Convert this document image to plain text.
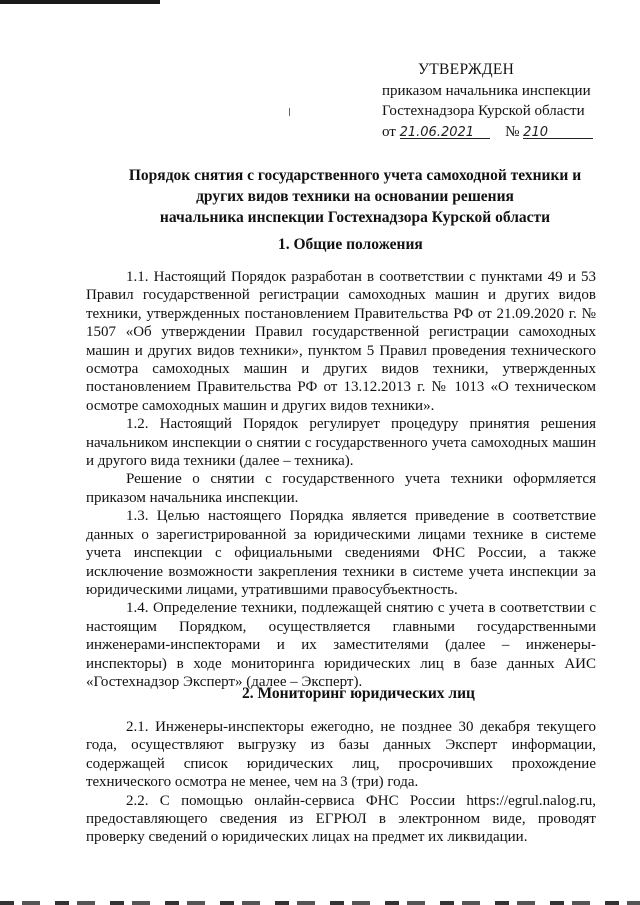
УТВЕРЖДЕН
приказом начальника инспекции
Гостехнадзора Курской области
от 21.06.2021 № 210
Порядок снятия с государственного учета самоходной техники и
других видов техники на основании решения
начальника инспекции Гостехнадзора Курской области
1. Общие положения

1.1. Настоящий Порядок разработан в соответствии с пунктами 49 и 53 Правил государственной регистрации самоходных машин и других видов техники, утвержденных постановлением Правительства РФ от 21.09.2020 г. № 1507 «Об утверждении Правил государственной регистрации самоходных машин и других видов техники», пунктом 5 Правил проведения технического осмотра самоходных машин и других видов техники, утвержденных постановлением Правительства РФ от 13.12.2013 г. № 1013 «О техническом осмотре самоходных машин и других видов техники».

1.2. Настоящий Порядок регулирует процедуру принятия решения начальником инспекции о снятии с государственного учета самоходных машин и другого вида техники (далее – техника).

Решение о снятии с государственного учета техники оформляется приказом начальника инспекции.

1.3. Целью настоящего Порядка является приведение в соответствие данных о зарегистрированной за юридическими лицами технике в системе учета инспекции с официальными сведениями ФНС России, а также исключение возможности закрепления техники в системе учета инспекции за юридическими лицами, утратившими правосубъектность.

1.4. Определение техники, подлежащей снятию с учета в соответствии с настоящим Порядком, осуществляется главными государственными инженерами-инспекторами и их заместителями (далее – инженеры-инспекторы) в ходе мониторинга юридических лиц в базе данных АИС «Гостехнадзор Эксперт» (далее – Эксперт).

2. Мониторинг юридических лиц

2.1. Инженеры-инспекторы ежегодно, не позднее 30 декабря текущего года, осуществляют выгрузку из базы данных Эксперт информации, содержащей список юридических лиц, просрочивших прохождение технического осмотра не менее, чем на 3 (три) года.

2.2. С помощью онлайн-сервиса ФНС России https://egrul.nalog.ru, предоставляющего сведения из ЕГРЮЛ в электронном виде, проводят проверку сведений о юридических лицах на предмет их ликвидации.
